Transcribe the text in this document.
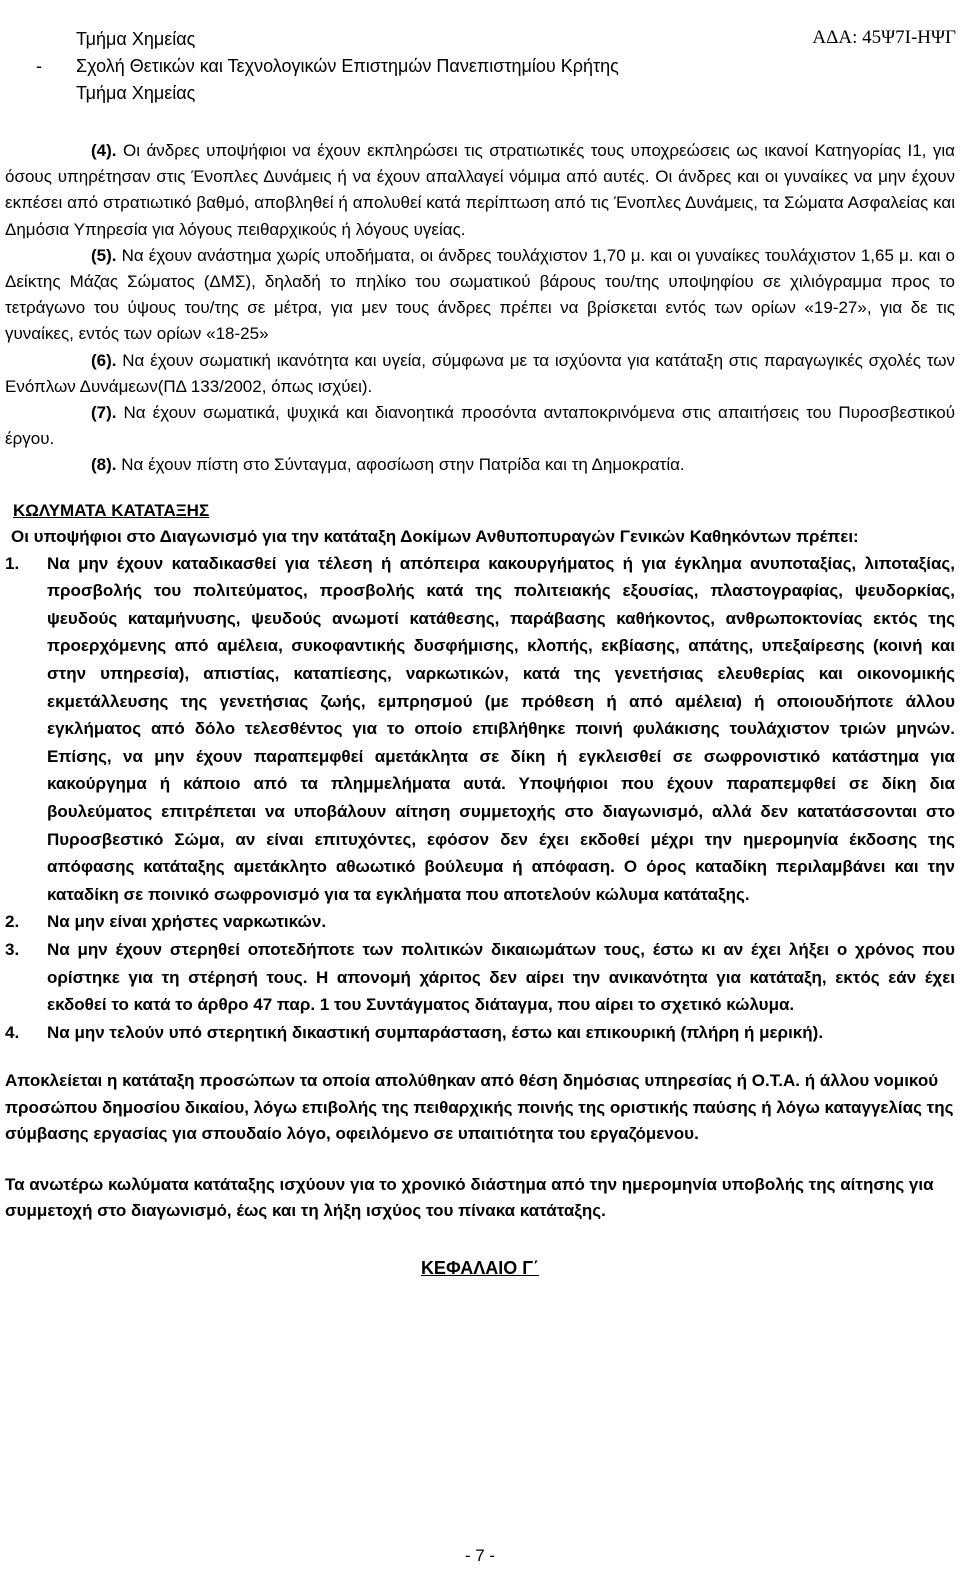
Τμήμα Χημείας
- Σχολή Θετικών και Τεχνολογικών Επιστημών Πανεπιστημίου Κρήτης
Τμήμα Χημείας
ΑΔΑ: 45Ψ7Ι-ΗΨΓ

(4). Οι άνδρες υποψήφιοι να έχουν εκπληρώσει τις στρατιωτικές τους υποχρεώσεις ως ικανοί Κατηγορίας Ι1, για όσους υπηρέτησαν στις Ένοπλες Δυνάμεις ή να έχουν απαλλαγεί νόμιμα από αυτές. Οι άνδρες και οι γυναίκες να μην έχουν εκπέσει από στρατιωτικό βαθμό, αποβληθεί ή απολυθεί κατά περίπτωση από τις Ένοπλες Δυνάμεις, τα Σώματα Ασφαλείας και Δημόσια Υπηρεσία για λόγους πειθαρχικούς ή λόγους υγείας.

(5). Να έχουν ανάστημα χωρίς υποδήματα, οι άνδρες τουλάχιστον 1,70 μ. και οι γυναίκες τουλάχιστον 1,65 μ. και ο Δείκτης Μάζας Σώματος (ΔΜΣ), δηλαδή το πηλίκο του σωματικού βάρους του/της υποψηφίου σε χιλιόγραμμα προς το τετράγωνο του ύψους του/της σε μέτρα, για μεν τους άνδρες πρέπει να βρίσκεται εντός των ορίων «19-27», για δε τις γυναίκες, εντός των ορίων «18-25»

(6). Να έχουν σωματική ικανότητα και υγεία, σύμφωνα με τα ισχύοντα για κατάταξη στις παραγωγικές σχολές των Ενόπλων Δυνάμεων(ΠΔ 133/2002, όπως ισχύει).

(7). Να έχουν σωματικά, ψυχικά και διανοητικά προσόντα ανταποκρινόμενα στις απαιτήσεις του Πυροσβεστικού έργου.

(8). Να έχουν πίστη στο Σύνταγμα, αφοσίωση στην Πατρίδα και τη Δημοκρατία.

ΚΩΛΥΜΑΤΑ ΚΑΤΑΤΑΞΗΣ

Οι υποψήφιοι στο Διαγωνισμό για την κατάταξη Δοκίμων Ανθυποπυραγών Γενικών Καθηκόντων πρέπει:

1. Να μην έχουν καταδικασθεί για τέλεση ή απόπειρα κακουργήματος ή για έγκλημα ανυποταξίας, λιποταξίας, προσβολής του πολιτεύματος, προσβολής κατά της πολιτειακής εξουσίας, πλαστογραφίας, ψευδορκίας, ψευδούς καταμήνυσης, ψευδούς ανωμοτί κατάθεσης, παράβασης καθήκοντος, ανθρωποκτονίας εκτός της προερχόμενης από αμέλεια, συκοφαντικής δυσφήμισης, κλοπής, εκβίασης, απάτης, υπεξαίρεσης (κοινή και στην υπηρεσία), απιστίας, καταπίεσης, ναρκωτικών, κατά της γενετήσιας ελευθερίας και οικονομικής εκμετάλλευσης της γενετήσιας ζωής, εμπρησμού (με πρόθεση ή από αμέλεια) ή οποιουδήποτε άλλου εγκλήματος από δόλο τελεσθέντος για το οποίο επιβλήθηκε ποινή φυλάκισης τουλάχιστον τριών μηνών. Επίσης, να μην έχουν παραπεμφθεί αμετάκλητα σε δίκη ή εγκλεισθεί σε σωφρονιστικό κατάστημα για κακούργημα ή κάποιο από τα πλημμελήματα αυτά. Υποψήφιοι που έχουν παραπεμφθεί σε δίκη δια βουλεύματος επιτρέπεται να υποβάλουν αίτηση συμμετοχής στο διαγωνισμό, αλλά δεν κατατάσσονται στο Πυροσβεστικό Σώμα, αν είναι επιτυχόντες, εφόσον δεν έχει εκδοθεί μέχρι την ημερομηνία έκδοσης της απόφασης κατάταξης αμετάκλητο αθωωτικό βούλευμα ή απόφαση. Ο όρος καταδίκη περιλαμβάνει και την καταδίκη σε ποινικό σωφρονισμό για τα εγκλήματα που αποτελούν κώλυμα κατάταξης.
2. Να μην είναι χρήστες ναρκωτικών.
3. Να μην έχουν στερηθεί οποτεδήποτε των πολιτικών δικαιωμάτων τους, έστω κι αν έχει λήξει ο χρόνος που ορίστηκε για τη στέρησή τους. Η απονομή χάριτος δεν αίρει την ανικανότητα για κατάταξη, εκτός εάν έχει εκδοθεί το κατά το άρθρο 47 παρ. 1 του Συντάγματος διάταγμα, που αίρει το σχετικό κώλυμα.
4. Να μην τελούν υπό στερητική δικαστική συμπαράσταση, έστω και επικουρική (πλήρη ή μερική).

Αποκλείεται η κατάταξη προσώπων τα οποία απολύθηκαν από θέση δημόσιας υπηρεσίας ή Ο.Τ.Α. ή άλλου νομικού προσώπου δημοσίου δικαίου, λόγω επιβολής της πειθαρχικής ποινής της οριστικής παύσης ή λόγω καταγγελίας της σύμβασης εργασίας για σπουδαίο λόγο, οφειλόμενο σε υπαιτιότητα του εργαζόμενου.

Τα ανωτέρω κωλύματα κατάταξης ισχύουν για το χρονικό διάστημα από την ημερομηνία υποβολής της αίτησης για συμμετοχή στο διαγωνισμό, έως και τη λήξη ισχύος του πίνακα κατάταξης.

ΚΕΦΑΛΑΙΟ Γ΄

- 7 -
